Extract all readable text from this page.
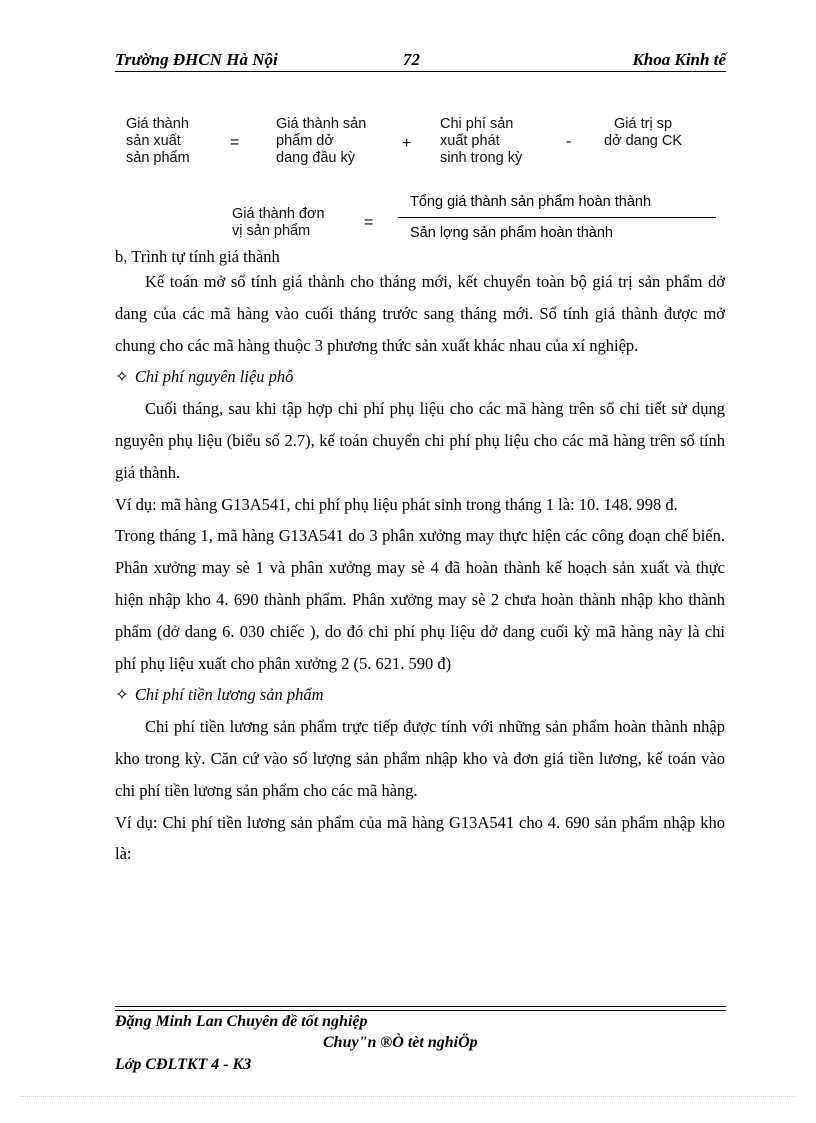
Trường ĐHCN Hà Nội	72	Khoa Kinh tế
Giá thành
sản xuất
sản phẩm
=
Giá thành sản
phẩm dở
dang đầu kỳ
+
Chi phí sản
xuất phát
sinh trong kỳ
-
Giá trị sp
dở dang CK
Giá thành đơn
vị sản phẩm	=
Tổng giá thành sản phẩm hoàn thành
Sản lợng sản phẩm hoàn thành

b, Trình tự tính giá thành

Kế toán mở sổ tính giá thành cho tháng mới, kết chuyển toàn bộ giá trị sản phẩm dở dang của các mã hàng vào cuối tháng trước sang tháng mới. Sổ tính giá thành được mở chung cho các mã hàng thuộc 3 phương thức sản xuất khác nhau của xí nghiệp.

✧ Chi phí nguyên liệu phô

Cuối tháng, sau khi tập hợp chi phí phụ liệu cho các mã hàng trên sổ chi tiết sử dụng nguyên phụ liệu (biểu số 2.7), kế toán chuyển chi phí phụ liệu cho các mã hàng trên sổ tính giá thành.

Ví dụ: mã hàng G13A541, chi phí phụ liệu phát sinh trong tháng 1 là: 10. 148. 998 đ.

Trong tháng 1, mã hàng G13A541 do 3 phân xưởng may thực hiện các công đoạn chế biến. Phân xưởng may sè 1 và phân xưởng may sè 4 đã hoàn thành kế hoạch sản xuất và thực hiện nhập kho 4. 690 thành phẩm. Phân xưởng may sè 2 chưa hoàn thành nhập kho thành phẩm (dở dang 6. 030 chiếc ), do đó chi phí phụ liệu dở dang cuối kỳ mã hàng này là chi phí phụ liệu xuất cho phân xưởng 2 (5. 621. 590 đ)

✧ Chi phí tiền lương sản phẩm

Chi phí tiền lương sản phẩm trực tiếp được tính với những sản phẩm hoàn thành nhập kho trong kỳ. Căn cứ vào số lượng sản phẩm nhập kho và đơn giá tiền lương, kế toán vào chi phí tiền lương sản phẩm cho các mã hàng.

Ví dụ: Chi phí tiền lương sản phẩm của mã hàng G13A541 cho 4. 690 sản phẩm nhập kho là:

Đặng Minh Lan Chuyên đề tốt nghiệp
Chuy"n ®Ò tèt nghiÖp
Lớp CĐLTKT 4 - K3
